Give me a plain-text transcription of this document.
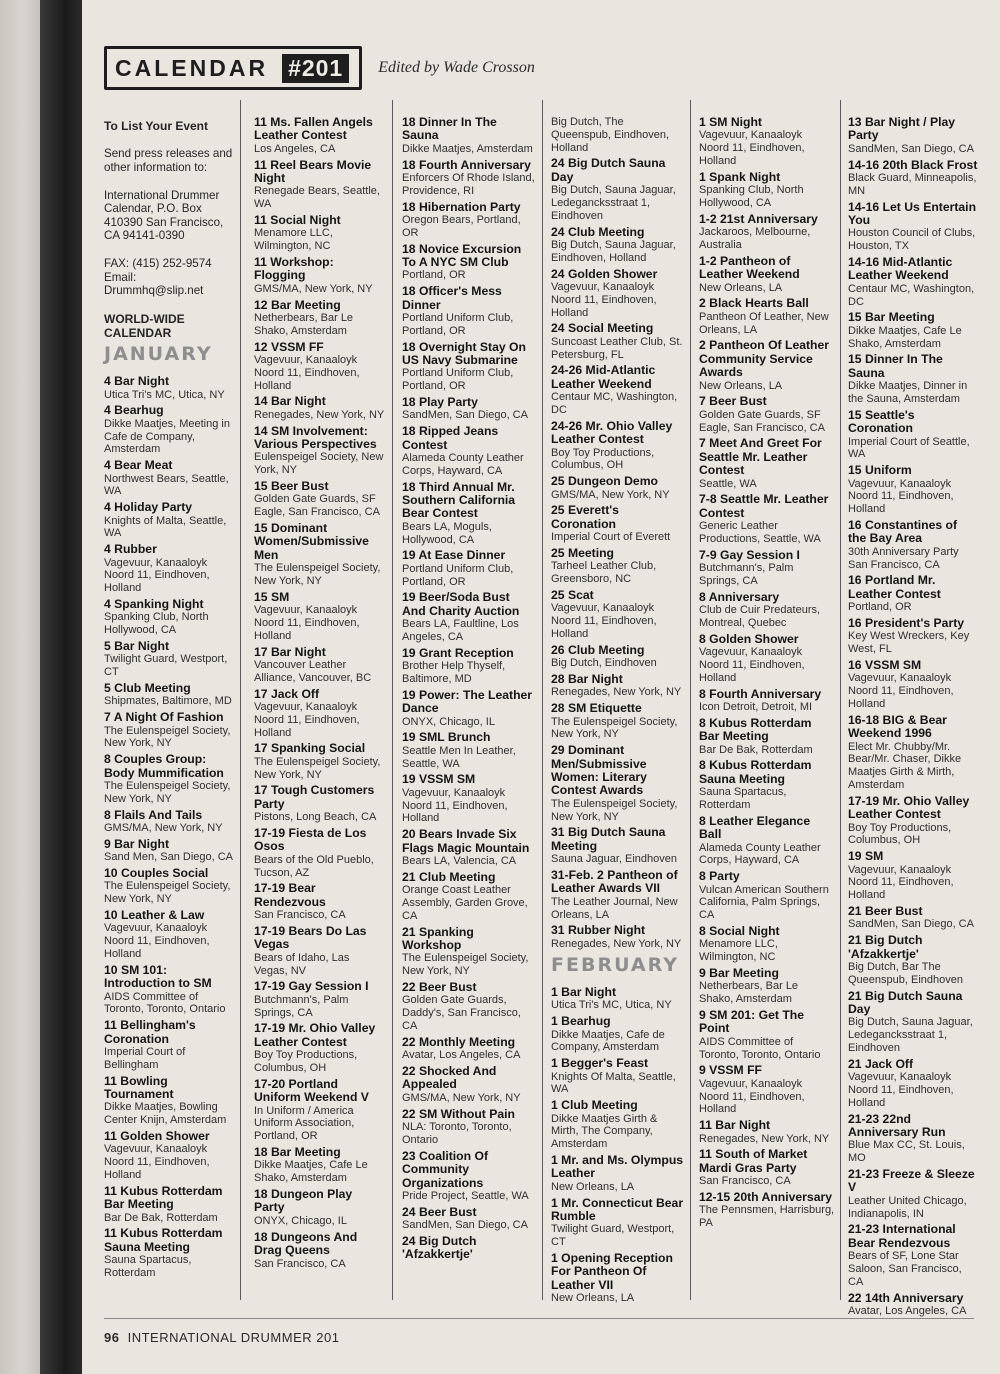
CALENDAR #201	Edited by Wade Crosson
To List Your Event
Send press releases and other information to:
International Drummer Calendar, P.O. Box 410390 San Francisco, CA 94141-0390
FAX: (415) 252-9574 Email: Drummhq@slip.net
WORLD-WIDE CALENDAR
JANUARY
4 Bar Night
Utica Tri's MC, Utica, NY
4 Bearhug
Dikke Maatjes, Meeting in Cafe de Company, Amsterdam
4 Bear Meat
Northwest Bears, Seattle, WA
4 Holiday Party
Knights of Malta, Seattle, WA
4 Rubber
Vagevuur, Kanaaloyk Noord 11, Eindhoven, Holland
4 Spanking Night
Spanking Club, North Hollywood, CA
5 Bar Night
Twilight Guard, Westport, CT
5 Club Meeting
Shipmates, Baltimore, MD
7 A Night Of Fashion
The Eulenspeigel Society, New York, NY
8 Couples Group: Body Mummification
The Eulenspeigel Society, New York, NY
8 Flails And Tails
GMS/MA, New York, NY
9 Bar Night
Sand Men, San Diego, CA
10 Couples Social
The Eulenspeigel Society, New York, NY
10 Leather & Law
Vagevuur, Kanaaloyk Noord 11, Eindhoven, Holland
10 SM 101: Introduction to SM
AIDS Committee of Toronto, Toronto, Ontario
11 Bellingham's Coronation
Imperial Court of Bellingham
11 Bowling Tournament
Dikke Maatjes, Bowling Center Knijn, Amsterdam
11 Golden Shower
Vagevuur, Kanaaloyk Noord 11, Eindhoven, Holland
11 Kubus Rotterdam Bar Meeting
Bar De Bak, Rotterdam
11 Kubus Rotterdam Sauna Meeting
Sauna Spartacus, Rotterdam
11 Ms. Fallen Angels Leather Contest
Los Angeles, CA
11 Reel Bears Movie Night
Renegade Bears, Seattle, WA
11 Social Night
Menamore LLC, Wilmington, NC
11 Workshop: Flogging
GMS/MA, New York, NY
12 Bar Meeting
Netherbears, Bar Le Shako, Amsterdam
12 VSSM FF
Vagevuur, Kanaaloyk Noord 11, Eindhoven, Holland
14 Bar Night
Renegades, New York, NY
14 SM Involvement: Various Perspectives
Eulenspeigel Society, New York, NY
15 Beer Bust
Golden Gate Guards, SF Eagle, San Francisco, CA
15 Dominant Women/Submissive Men
The Eulenspeigel Society, New York, NY
15 SM
Vagevuur, Kanaaloyk Noord 11, Eindhoven, Holland
17 Bar Night
Vancouver Leather Alliance, Vancouver, BC
17 Jack Off
Vagevuur, Kanaaloyk Noord 11, Eindhoven, Holland
17 Spanking Social
The Eulenspeigel Society, New York, NY
17 Tough Customers Party
Pistons, Long Beach, CA
17-19 Fiesta de Los Osos
Bears of the Old Pueblo, Tucson, AZ
17-19 Bear Rendezvous
San Francisco, CA
17-19 Bears Do Las Vegas
Bears of Idaho, Las Vegas, NV
17-19 Gay Session I
Butchmann's, Palm Springs, CA
17-19 Mr. Ohio Valley Leather Contest
Boy Toy Productions, Columbus, OH
17-20 Portland Uniform Weekend V
In Uniform / America Uniform Association, Portland, OR
18 Bar Meeting
Dikke Maatjes, Cafe Le Shako, Amsterdam
18 Dungeon Play Party
ONYX, Chicago, IL
18 Dungeons And Drag Queens
San Francisco, CA
18 Dinner In The Sauna
Dikke Maatjes, Amsterdam
18 Fourth Anniversary
Enforcers Of Rhode Island, Providence, RI
18 Hibernation Party
Oregon Bears, Portland, OR
18 Novice Excursion To A NYC SM Club
Portland, OR
18 Officer's Mess Dinner
Portland Uniform Club, Portland, OR
18 Overnight Stay On US Navy Submarine
Portland Uniform Club, Portland, OR
18 Play Party
SandMen, San Diego, CA
18 Ripped Jeans Contest
Alameda County Leather Corps, Hayward, CA
18 Third Annual Mr. Southern California Bear Contest
Bears LA, Moguls, Hollywood, CA
19 At Ease Dinner
Portland Uniform Club, Portland, OR
19 Beer/Soda Bust And Charity Auction
Bears LA, Faultline, Los Angeles, CA
19 Grant Reception
Brother Help Thyself, Baltimore, MD
19 Power: The Leather Dance
ONYX, Chicago, IL
19 SML Brunch
Seattle Men In Leather, Seattle, WA
19 VSSM SM
Vagevuur, Kanaaloyk Noord 11, Eindhoven, Holland
20 Bears Invade Six Flags Magic Mountain
Bears LA, Valencia, CA
21 Club Meeting
Orange Coast Leather Assembly, Garden Grove, CA
21 Spanking Workshop
The Eulenspeigel Society, New York, NY
22 Beer Bust
Golden Gate Guards, Daddy's, San Francisco, CA
22 Monthly Meeting
Avatar, Los Angeles, CA
22 Shocked And Appealed
GMS/MA, New York, NY
22 SM Without Pain
NLA: Toronto, Toronto, Ontario
23 Coalition Of Community Organizations
Pride Project, Seattle, WA
24 Beer Bust
SandMen, San Diego, CA
24 Big Dutch 'Afzakkertje'
Big Dutch, The Queenspub, Eindhoven, Holland
24 Big Dutch Sauna Day
Big Dutch, Sauna Jaguar, Ledegancksstraat 1, Eindhoven
24 Club Meeting
Big Dutch, Sauna Jaguar, Eindhoven, Holland
24 Golden Shower
Vagevuur, Kanaaloyk Noord 11, Eindhoven, Holland
24 Social Meeting
Suncoast Leather Club, St. Petersburg, FL
24-26 Mid-Atlantic Leather Weekend
Centaur MC, Washington, DC
24-26 Mr. Ohio Valley Leather Contest
Boy Toy Productions, Columbus, OH
25 Dungeon Demo
GMS/MA, New York, NY
25 Everett's Coronation
Imperial Court of Everett
25 Meeting
Tarheel Leather Club, Greensboro, NC
25 Scat
Vagevuur, Kanaaloyk Noord 11, Eindhoven, Holland
26 Club Meeting
Big Dutch, Eindhoven
28 Bar Night
Renegades, New York, NY
28 SM Etiquette
The Eulenspeigel Society, New York, NY
29 Dominant Men/Submissive Women: Literary Contest Awards
The Eulenspeigel Society, New York, NY
31 Big Dutch Sauna Meeting
Sauna Jaguar, Eindhoven
31-Feb. 2 Pantheon of Leather Awards VII
The Leather Journal, New Orleans, LA
31 Rubber Night
Renegades, New York, NY
FEBRUARY
1 Bar Night
Utica Tri's MC, Utica, NY
1 Bearhug
Dikke Maatjes, Cafe de Company, Amsterdam
1 Begger's Feast
Knights Of Malta, Seattle, WA
1 Club Meeting
Dikke Maatjes Girth & Mirth, The Company, Amsterdam
1 Mr. and Ms. Olympus Leather
New Orleans, LA
1 Mr. Connecticut Bear Rumble
Twilight Guard, Westport, CT
1 Opening Reception For Pantheon Of Leather VII
New Orleans, LA
1 SM Night
Vagevuur, Kanaaloyk Noord 11, Eindhoven, Holland
1 Spank Night
Spanking Club, North Hollywood, CA
1-2 21st Anniversary
Jackaroos, Melbourne, Australia
1-2 Pantheon of Leather Weekend
New Orleans, LA
2 Black Hearts Ball
Pantheon Of Leather, New Orleans, LA
2 Pantheon Of Leather Community Service Awards
New Orleans, LA
7 Beer Bust
Golden Gate Guards, SF Eagle, San Francisco, CA
7 Meet And Greet For Seattle Mr. Leather Contest
Seattle, WA
7-8 Seattle Mr. Leather Contest
Generic Leather Productions, Seattle, WA
7-9 Gay Session I
Butchmann's, Palm Springs, CA
8 Anniversary
Club de Cuir Predateurs, Montreal, Quebec
8 Golden Shower
Vagevuur, Kanaaloyk Noord 11, Eindhoven, Holland
8 Fourth Anniversary
Icon Detroit, Detroit, MI
8 Kubus Rotterdam Bar Meeting
Bar De Bak, Rotterdam
8 Kubus Rotterdam Sauna Meeting
Sauna Spartacus, Rotterdam
8 Leather Elegance Ball
Alameda County Leather Corps, Hayward, CA
8 Party
Vulcan American Southern California, Palm Springs, CA
8 Social Night
Menamore LLC, Wilmington, NC
9 Bar Meeting
Netherbears, Bar Le Shako, Amsterdam
9 SM 201: Get The Point
AIDS Committee of Toronto, Toronto, Ontario
9 VSSM FF
Vagevuur, Kanaaloyk Noord 11, Eindhoven, Holland
11 Bar Night
Renegades, New York, NY
11 South of Market Mardi Gras Party
San Francisco, CA
12-15 20th Anniversary
The Pennsmen, Harrisburg, PA
13 Bar Night / Play Party
SandMen, San Diego, CA
14-16 20th Black Frost
Black Guard, Minneapolis, MN
14-16 Let Us Entertain You
Houston Council of Clubs, Houston, TX
14-16 Mid-Atlantic Leather Weekend
Centaur MC, Washington, DC
15 Bar Meeting
Dikke Maatjes, Cafe Le Shako, Amsterdam
15 Dinner In The Sauna
Dikke Maatjes, Dinner in the Sauna, Amsterdam
15 Seattle's Coronation
Imperial Court of Seattle, WA
15 Uniform
Vagevuur, Kanaaloyk Noord 11, Eindhoven, Holland
16 Constantines of the Bay Area
30th Anniversary Party San Francisco, CA
16 Portland Mr. Leather Contest
Portland, OR
16 President's Party
Key West Wreckers, Key West, FL
16 VSSM SM
Vagevuur, Kanaaloyk Noord 11, Eindhoven, Holland
16-18 BIG & Bear Weekend 1996
Elect Mr. Chubby/Mr. Bear/Mr. Chaser, Dikke Maatjes Girth & Mirth, Amsterdam
17-19 Mr. Ohio Valley Leather Contest
Boy Toy Productions, Columbus, OH
19 SM
Vagevuur, Kanaaloyk Noord 11, Eindhoven, Holland
21 Beer Bust
SandMen, San Diego, CA
21 Big Dutch 'Afzakkertje'
Big Dutch, Bar The Queenspub, Eindhoven
21 Big Dutch Sauna Day
Big Dutch, Sauna Jaguar, Ledegancksstraat 1, Eindhoven
21 Jack Off
Vagevuur, Kanaaloyk Noord 11, Eindhoven, Holland
21-23 22nd Anniversary Run
Blue Max CC, St. Louis, MO
21-23 Freeze & Sleeze V
Leather United Chicago, Indianapolis, IN
21-23 International Bear Rendezvous
Bears of SF, Lone Star Saloon, San Francisco, CA
22 14th Anniversary
Avatar, Los Angeles, CA
96 INTERNATIONAL DRUMMER 201
